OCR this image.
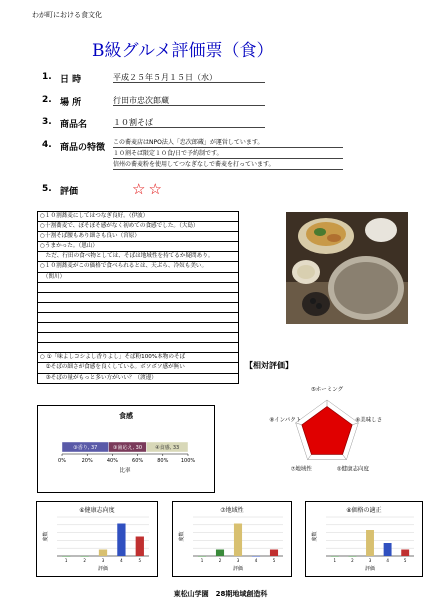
わが町における食文化
B級グルメ評価票（食）
1. 日 時	平成２５年５月１５日（水）
2. 場 所	行田市忠次郎蔵
3. 商品名	１０割そば
4. 商品の特徴
この蕎麦店はNPO法人「忠次郎蔵」が運営しています。
１０割そば限定１０食/日で予約制です。
信州の蕎麦粉を使用してつなぎなしで蕎麦を打っています。
5. 評価	☆☆
○１０割蕎麦にしてはつなぎ良好。（伊波）
○十割蕎麦で、ぼそぼそ感がなく初めての食感でした。（大島）
○十割そば腰もあり細さも良い（宮原）
○うまかった。（恩山）
　ただ、行田の食べ物としては、そばは地域性を持てるか疑問あり。
○１０割蕎麦がこの価格で食べられるとは、天ぷら、冷奴も美い。
　（関川）
○ ①「味よしコシよし香りよし」そば粉100%本物のそば
　②そばの細さが食感を良くしている。ボソボソ感が無い
　③そばの量がもっと多い方がいい？（渡邊）
【相対評価】
⑤ホーミング
⑥美味しさ
⑤健康志向度
⑦地域性
⑧インパクト
食感
③香り, 37	③歯応え, 30	④食感, 33
0%	20%	40%	60%	80% 100%
比率
⑥健康志向度
1	2	3	4	5
度数
評価
⑦地域性
1	2	3	4	5
度数
評価
⑧価格の適正
1	2	3	4	5
度数
評価
東松山学園　28期地域創造科
